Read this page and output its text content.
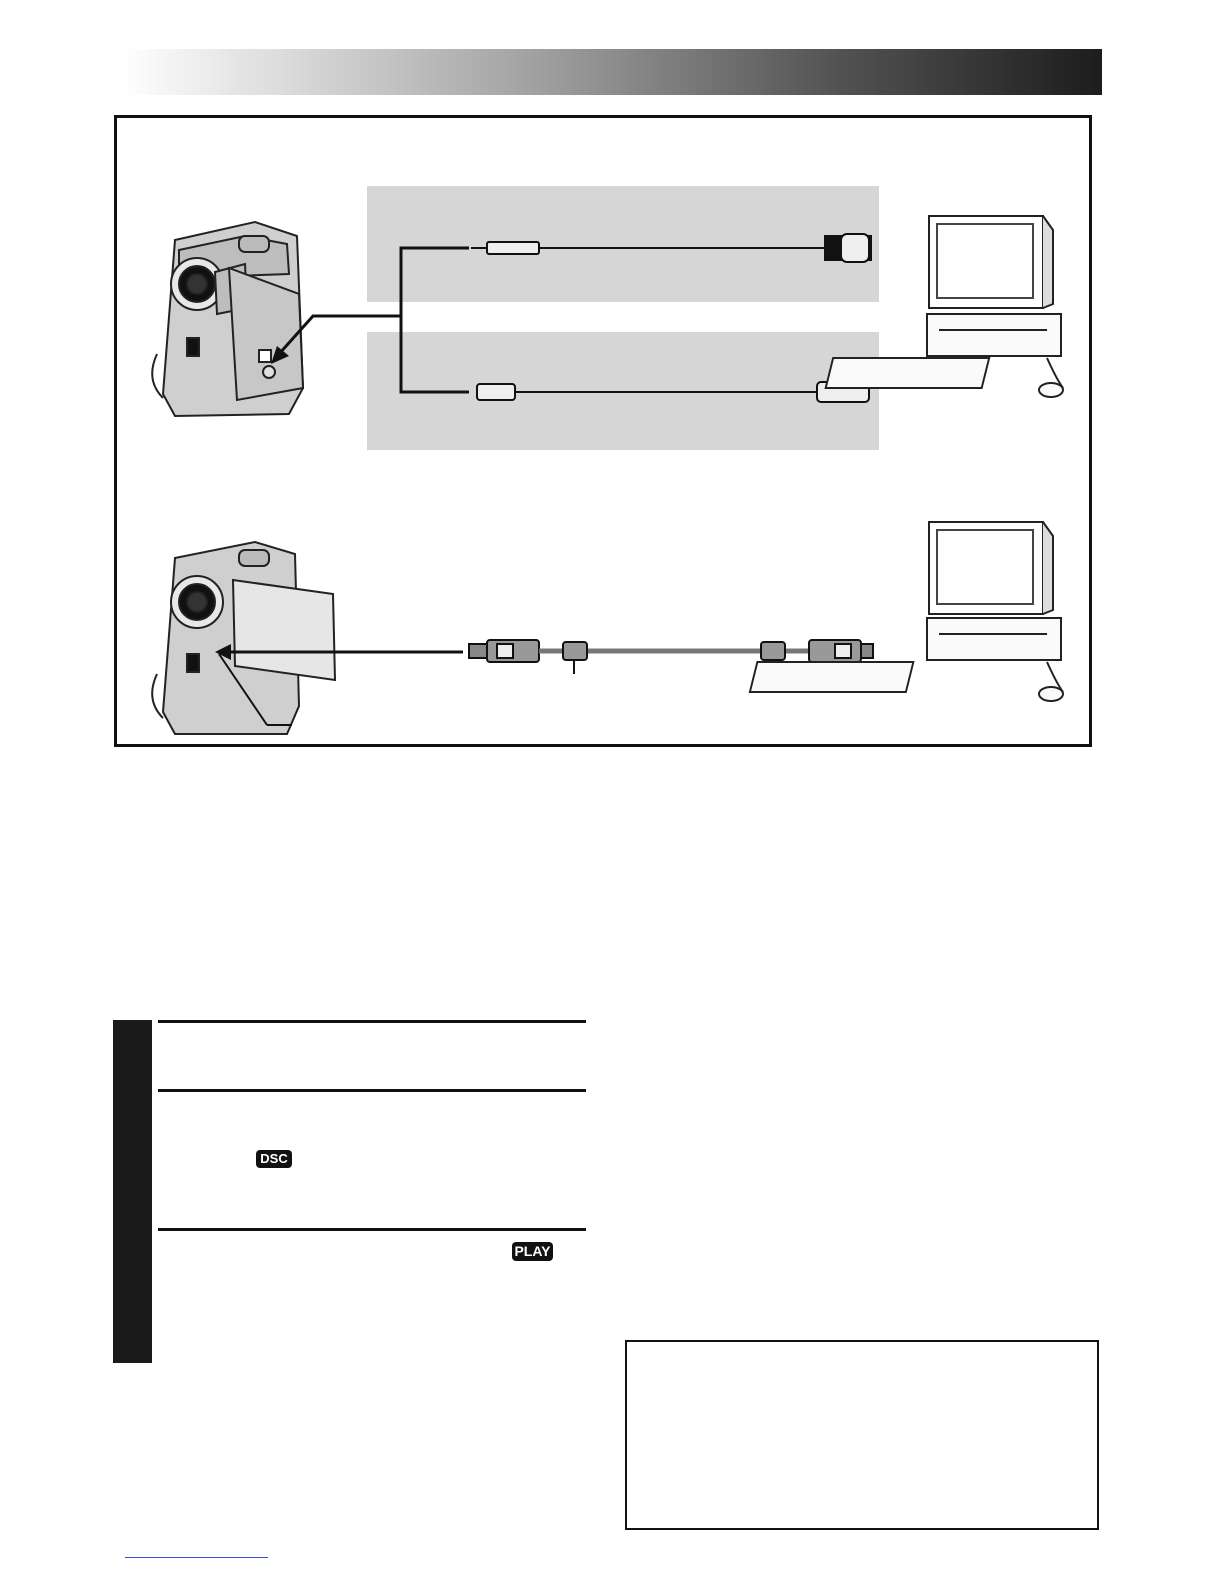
DSC
PLAY
